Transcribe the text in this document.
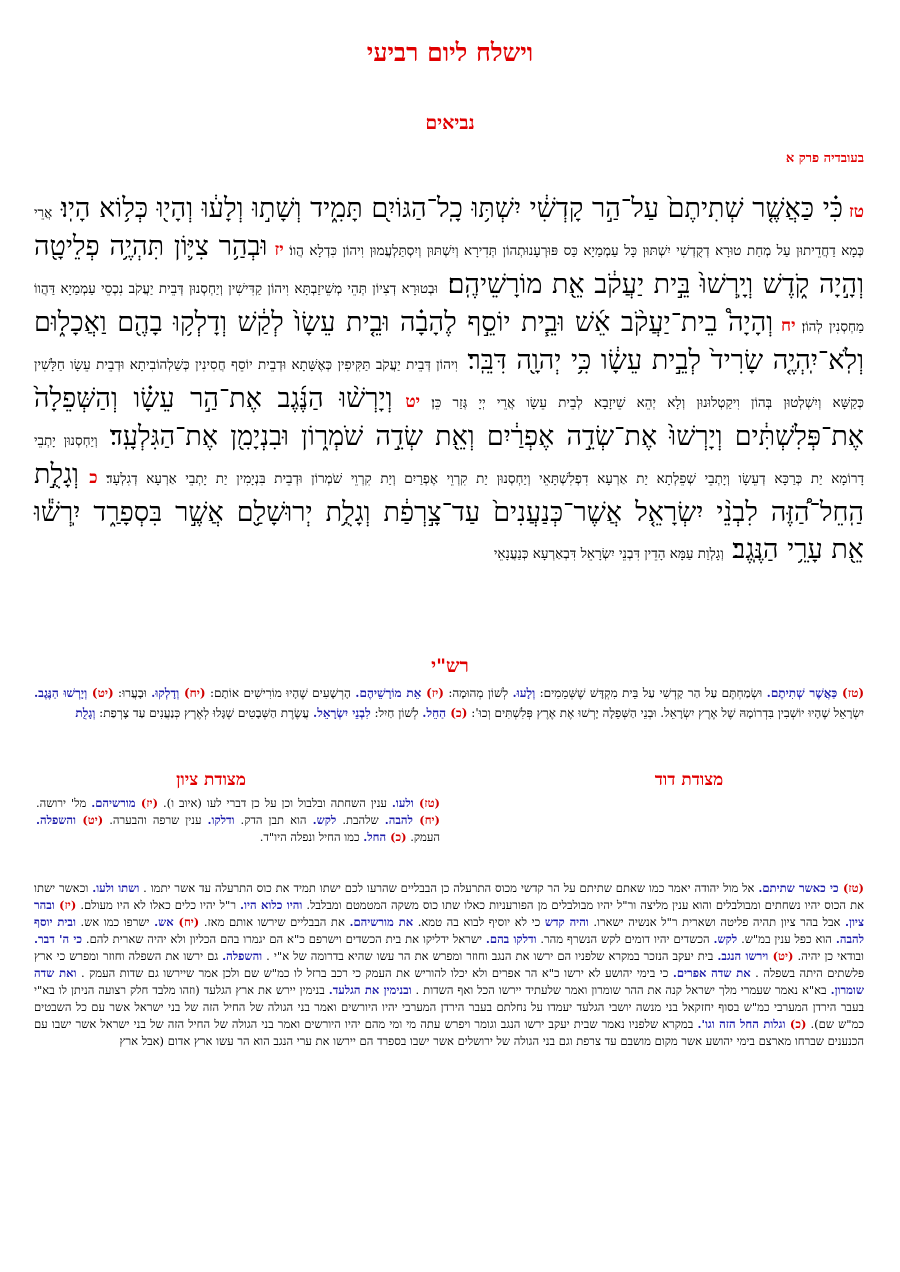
וישלח ליום רביעי
נביאים
בעובדיה פרק א
טז כִּ֗י כַּאֲשֶׁ֤ר שְׁתִיתֶם֙ עַל־הַ֣ר קָדְשִׁ֔י יִשְׁתּ֥וּ כָֽל־הַגּוֹיִ֖ם תָּמִ֑יד וְשָׁת֣וּ וְלָע֔וּ וְהָי֖וּ כְּל֥וֹא הָיֽוּ׃ אֲרֵי כְּמָא דַחֲדֵיתוּן עַל מְחַת טוּרָא דְקֻדְשִׁי יִשְׁתּוּן כָּל עַמְמַיָא כַּס פּוּרְעָנוּתְהוֹן תְּדִירָא וְיִשְׁתּוּן וְיִסְתַּלְעֲמוּן וִיהוֹן כִּדְלָא הֲווֹ׃ יז וּבְהַ֥ר צִיּ֛וֹן תִּהְיֶ֥ה פְלֵיטָ֖ה וְהָ֣יָה קֹ֑דֶשׁ וְיָֽרְשׁוּ֙ בֵּ֣ית יַעֲקֹ֔ב אֵ֖ת מוֹרָשֵׁיהֶֽם׃ וּבְטוּרָא דְצִיוֹן תְּהֵי מְשֵׁיזַבְתָּא וִיהוֹן קַדִּישִׁין וְיַחְסְנוּן דְּבֵית יַעֲקֹב נִכְסֵי עַמְמַיָא דַּהֲווֹ מַחְסְנִין לְהוֹן׃ יח וְהָיָה֩ בֵית־יַעֲקֹ֨ב אֵ֜שׁ וּבֵ֧ית יוֹסֵ֣ף לֶהָבָ֗ה וּבֵ֤ית עֵשָׂו֙ לְקַ֔שׁ וְדָלְק֥וּ בָהֶ֖ם וַאֲכָל֑וּם וְלֹֽא־יִֽהְיֶ֤ה שָׂרִיד֙ לְבֵ֣ית עֵשָׂ֔ו כִּ֥י יְהוָ֖ה דִּבֵּֽר׃ וִיהוֹן דְּבֵית יַעֲקֹב תַּקִּיפִין כְּאֶשָּׁתָא וּדְבֵית יוֹסֵף חֲסִינִין כְּשַׁלְהוֹבִיתָא וּדְבֵית עֵשָׂו חַלָּשִׁין כְּקַשָּׁא וְיִשְׁלְטוּן בְּהוֹן וִיקַטְלוּנוּן וְלָא יְהֵא שֵׁיזָבָא לְבֵית עֵשָׂו אֲרֵי יְיָ גְּזַר כֵּן׃ יט וְיָרְשׁ֨וּ הַנֶּ֜גֶב אֶת־הַ֣ר עֵשָׂ֗ו וְהַשְּׁפֵלָה֙ אֶת־פְּלִשְׁתִּ֔ים וְיָרְשׁוּ֙ אֶת־שְׂדֵ֣ה אֶפְרַ֔יִם וְאֵ֖ת שְׂדֵ֣ה שֹׁמְר֑וֹן וּבִנְיָמִ֖ן אֶת־הַגִּלְעָֽד׃ וְיַחְסְנוּן יָתְבֵי דָרוֹמָא יַת כְּרַכָּא דְעֵשָׂו וְיָתְבֵי שְׁפֵלְתָא יַת אַרְעָא דִפְלִשְׁתָּאֵי וְיַחְסְנוּן יַת קִרְוֵי אֶפְרַיִם וְיַת קִרְוֵי שֹׁמְרוֹן וּדְבֵית בִּנְיָמִין יַת יָתְבֵי אַרְעָא דְגִלְעָד׃ כ וְגָלֻ֣ת הַֽחֵל־הַ֠זֶּה לִבְנֵ֨י יִשְׂרָאֵ֤ל אֲשֶׁר־כְּנַעֲנִים֙ עַד־צָ֣רְפַ֔ת וְגָלֻ֥ת יְרוּשָׁלִַ֖ם אֲשֶׁ֣ר בִּסְפָרַ֑ד יִֽרְשׁ֕וּ אֵ֖ת עָרֵ֥י הַנֶּֽגֶב׃ וְגָלְוַת עַמָּא הָדֵין דִּבְנֵי יִשְׂרָאֵל דִּבְאַרְעָא כְּנַעֲנָאֵי
רש"י
(טז) כַּאֲשֶׁר שְׁתִיתֶם. וּשְׂמַחְתֶּם עַל הַר קָדְשִׁי עַל בֵּית מִקְדָּשׁ שֶׁשְּׁמֵמִים: וְלָעוּ. לְשׁוֹן מְהוּמָה: (יז) אֵת מוֹרָשֵׁיהֶם. הָרְשָׁעִים שֶׁהָיוּ מוֹרִישִׁים אוֹתָם: (יח) וְדָלְקוּ. וּבָעֲרוּ: (יט) וְיָרְשׁוּ הַנֶּגֶב. יִשְׂרָאֵל שֶׁהָיוּ יוֹשְׁבִין בִּדְרוֹמָהּ שֶׁל אֶרֶץ יִשְׂרָאֵל. וּבְנֵי הַשְּׁפֵלָה יָרְשׁוּ אֶת אֶרֶץ פְּלִשְׁתִּים וְכוּ': (כ) הַחֵל. לְשׁוֹן חַיִל: לִבְנֵי יִשְׂרָאֵל. עֲשֶׂרֶת הַשְּׁבָטִים שֶׁגָּלוּ לְאֶרֶץ כְּנַעֲנִים עַד צָרְפַת: וְגָלֻת
מצודת דוד
מצודת ציון
(טז) ולעו. ענין השחתה ובלבול וכן על כן דברי לעו (איוב ו). (יז) מורשיהם. מל' ירושה. (יח) להבה. שלהבת. לקש. הוא תבן הדק. ודלקו. ענין שרפה והבערה. (יט) והשפלה. העמק. (כ) החל. כמו החיל ונפלה היו"ד.
(טז) כי כאשר שתיתם. אל מול יהודה יאמר כמו שאתם שתיתם על הר קדשי מכוס התרעלה כן הבבליים שהרעו לכם ישתו תמיד את כוס התרעלה עד אשר יתמו . ושתו ולעו. וכאשר ישתו את הכוס יהיו נשחתים ומבולבלים והוא ענין מליצה ור"ל יהיו מבולבלים מן הפורעניות כאלו שתו כוס משקה המטמטם ומבלבל. והיו כלוא היו. ר"ל יהיו כלים כאלו לא היו מעולם. (יז) ובהר ציון. אבל בהר ציון תהיה פליטה ושארית ר"ל אנשיה ישארו. והיה קדש כי לא יוסיף לבוא בה טמא. את מורשיהם. את הבבליים שירשו אותם מאז. (יח) אש. ישרפו כמו אש. ובית יוסף להבה. הוא כפל ענין במ"ש. לקש. הכשדים יהיו דומים לקש הנשרף מהר. ודלקו בהם. ישראל ידליקו את בית הכשדים וישרפם כ"א הם יגמרו בהם הכליון ולא יהיה שארית להם. כי ה' דבר. ובודאי כן יהיה. (יט) וירשו הנגב. בית יעקב הנזכר במקרא שלפניו הם ירשו את הנגב וחוזר ומפרש את הר עשו שהיא בדרומה של א"י . והשפלה. גם ירשו את השפלה וחוזר ומפרש כי ארץ פלשתים היתה בשפלה . את שדה אפרים. כי בימי יהושע לא ירשו כ"א הר אפרים ולא יכלו להוריש את העמק כי רכב ברזל לו כמ"ש שם ולכן אמר שיירשו גם שדות העמק . ואת שדה שומרון. בא"א נאמר שעמרי מלך ישראל קנה את ההר שומרון ואמר שלעתיד יירשו הכל ואף השדות . ובנימין את הגלעד. בנימין יירש את ארץ הגלעד (וזהו מלבד חלק רצועה הניתן לו בא"י בעבר הירדן המערבי כמ"ש בסוף יחזקאל בני מנשה יושבי הגלעד יעמדו על נחלתם בעבר הירדן המערבי יהיו היורשים ואמר בני הגולה של החיל הזה של בני ישראל אשר עם כל השבטים כמ"ש שם). (כ) וגלות החל הזה וגו'. במקרא שלפניו נאמר שבית יעקב ירשו הנגב וגומר ויפרש עתה מי ומי מהם יהיו היורשים ואמר בני הגולה של החיל הזה של בני ישראל אשר ישבו עם הכנענים שברחו מארצם בימי יהושע אשר מקום מושבם עד צרפת וגם בני הגולה של ירושלים אשר ישבו בספרד הם יירשו את ערי הנגב הוא הר עשו ארץ אדום (אבל ארץ
